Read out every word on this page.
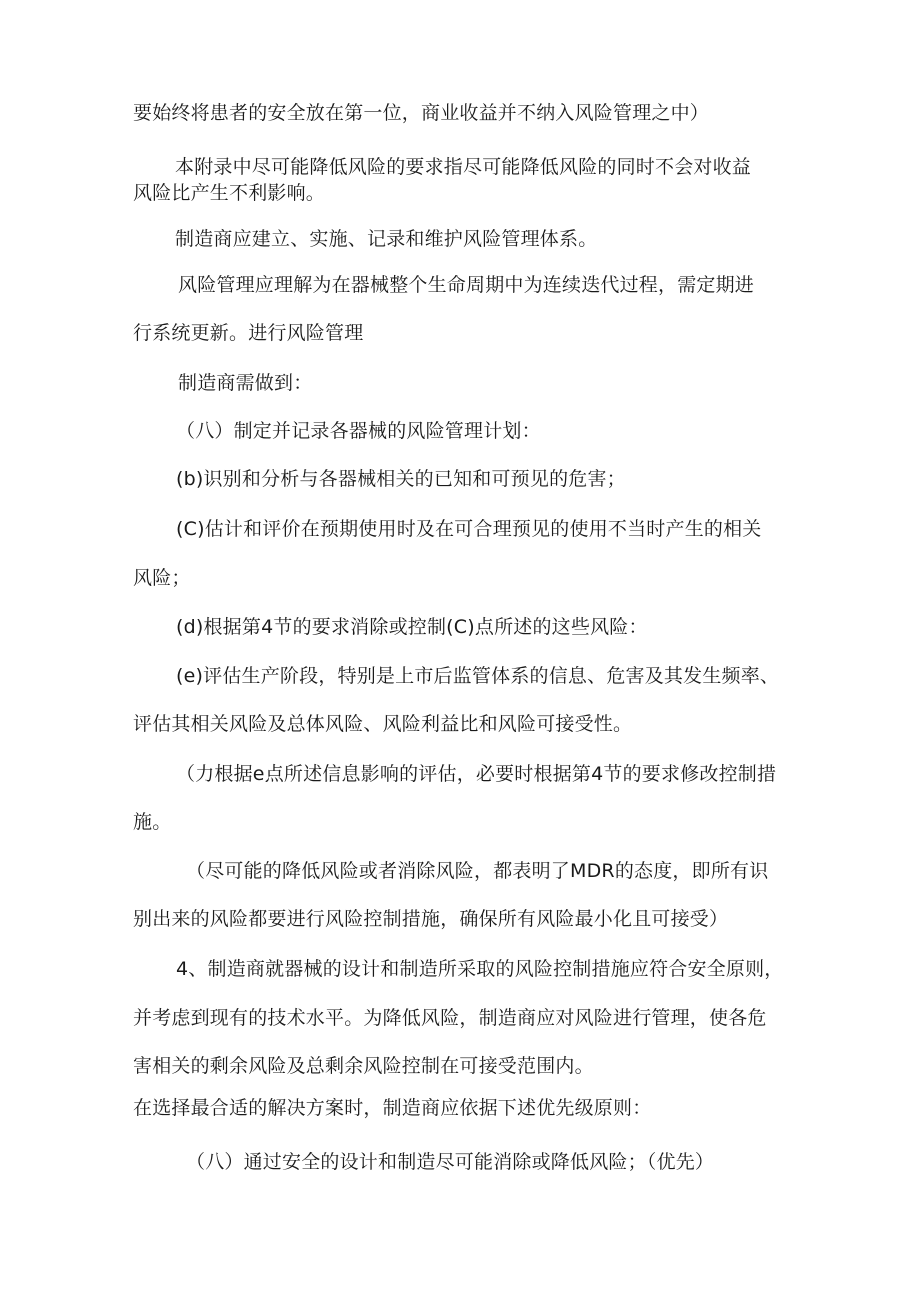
要始终将患者的安全放在第一位，商业收益并不纳入风险管理之中）

本附录中尽可能降低风险的要求指尽可能降低风险的同时不会对收益

风险比产生不利影响。

制造商应建立、实施、记录和维护风险管理体系。

风险管理应理解为在器械整个生命周期中为连续迭代过程，需定期进

行系统更新。进行风险管理

制造商需做到：

（八）制定并记录各器械的风险管理计划：

(b)识别和分析与各器械相关的已知和可预见的危害；

(C)估计和评价在预期使用时及在可合理预见的使用不当时产生的相关

风险；

(d)根据第4节的要求消除或控制(C)点所述的这些风险：

(e)评估生产阶段，特别是上市后监管体系的信息、危害及其发生频率、

评估其相关风险及总体风险、风险利益比和风险可接受性。

（力根据e点所述信息影响的评估，必要时根据第4节的要求修改控制措

施。

（尽可能的降低风险或者消除风险，都表明了MDR的态度，即所有识

别出来的风险都要进行风险控制措施，确保所有风险最小化且可接受）

4、制造商就器械的设计和制造所采取的风险控制措施应符合安全原则，

并考虑到现有的技术水平。为降低风险，制造商应对风险进行管理，使各危

害相关的剩余风险及总剩余风险控制在可接受范围内。

在选择最合适的解决方案时，制造商应依据下述优先级原则：

（八）通过安全的设计和制造尽可能消除或降低风险；（优先）
